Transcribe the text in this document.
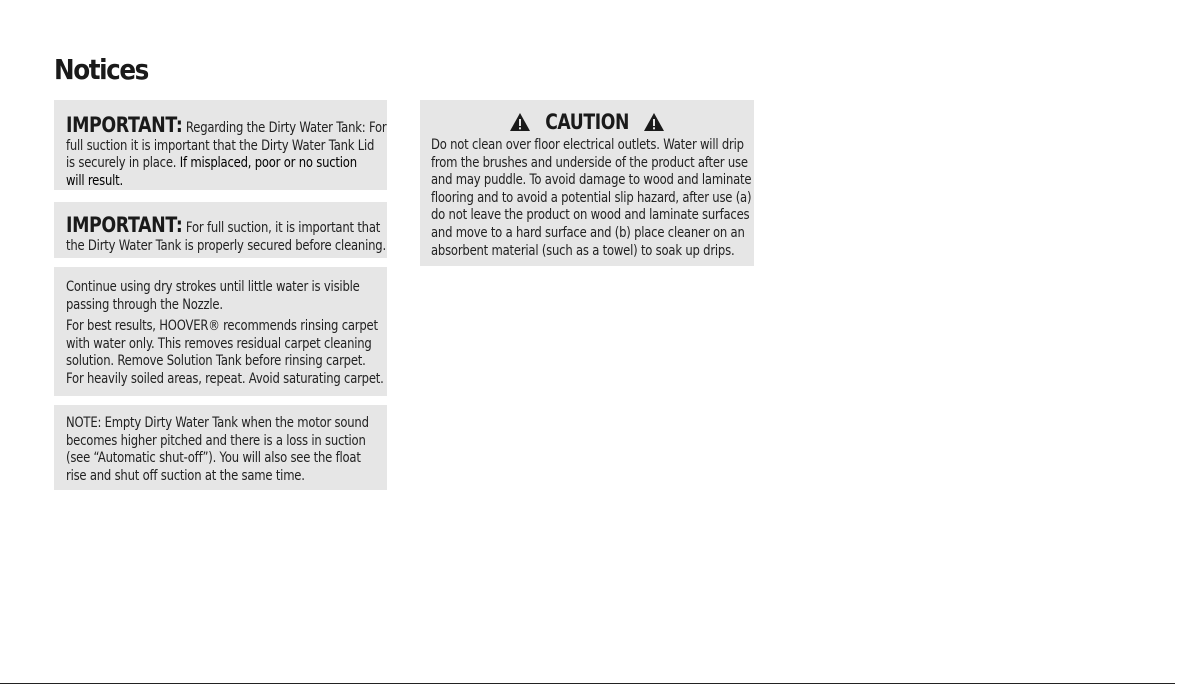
Notices

IMPORTANT: Regarding the Dirty Water Tank: For

full suction it is important that the Dirty Water Tank Lid

is securely in place. If misplaced, poor or no suction

will result.

IMPORTANT: For full suction, it is important that

the Dirty Water Tank is properly secured before cleaning.

Continue using dry strokes until little water is visible

passing through the Nozzle.

For best results, HOOVER® recommends rinsing carpet

with water only. This removes residual carpet cleaning

solution. Remove Solution Tank before rinsing carpet.

For heavily soiled areas, repeat. Avoid saturating carpet.

NOTE: Empty Dirty Water Tank when the motor sound

becomes higher pitched and there is a loss in suction

(see “Automatic shut-off”). You will also see the float

rise and shut off suction at the same time.

CAUTION

Do not clean over floor electrical outlets. Water will drip

from the brushes and underside of the product after use

and may puddle. To avoid damage to wood and laminate

flooring and to avoid a potential slip hazard, after use (a)

do not leave the product on wood and laminate surfaces

and move to a hard surface and (b) place cleaner on an

absorbent material (such as a towel) to soak up drips.
